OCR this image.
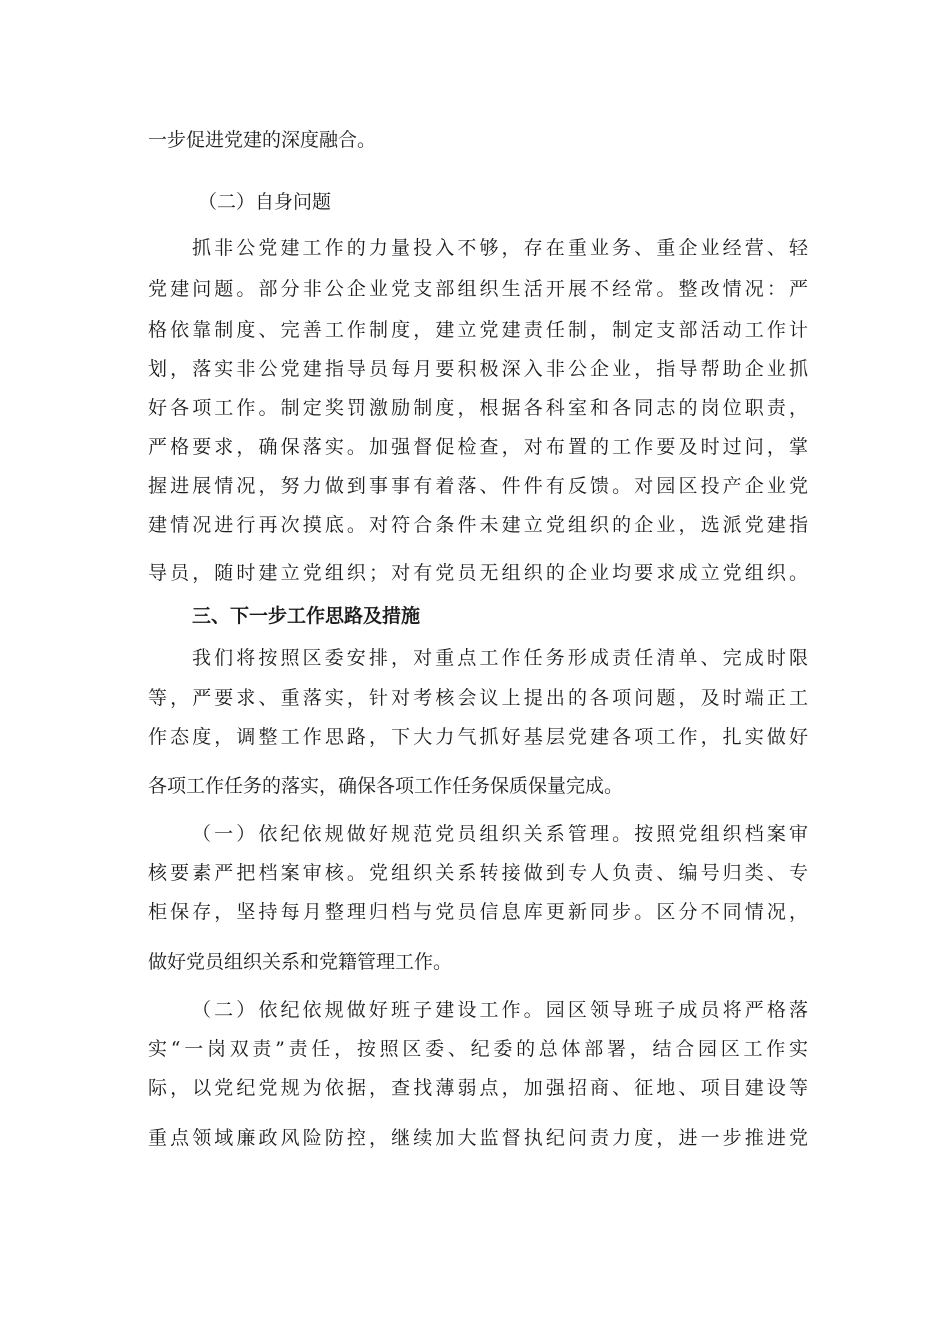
一步促进党建的深度融合。
（二）自身问题
抓非公党建工作的力量投入不够，存在重业务、重企业经营、轻
党建问题。部分非公企业党支部组织生活开展不经常。整改情况：严
格依靠制度、完善工作制度，建立党建责任制，制定支部活动工作计
划，落实非公党建指导员每月要积极深入非公企业，指导帮助企业抓
好各项工作。制定奖罚激励制度，根据各科室和各同志的岗位职责，
严格要求，确保落实。加强督促检查，对布置的工作要及时过问，掌
握进展情况，努力做到事事有着落、件件有反馈。对园区投产企业党
建情况进行再次摸底。对符合条件未建立党组织的企业，选派党建指
导员，随时建立党组织；对有党员无组织的企业均要求成立党组织。
三、下一步工作思路及措施
我们将按照区委安排，对重点工作任务形成责任清单、完成时限
等，严要求、重落实，针对考核会议上提出的各项问题，及时端正工
作态度，调整工作思路，下大力气抓好基层党建各项工作，扎实做好
各项工作任务的落实，确保各项工作任务保质保量完成。
（一）依纪依规做好规范党员组织关系管理。按照党组织档案审
核要素严把档案审核。党组织关系转接做到专人负责、编号归类、专
柜保存，坚持每月整理归档与党员信息库更新同步。区分不同情况，
做好党员组织关系和党籍管理工作。
（二）依纪依规做好班子建设工作。园区领导班子成员将严格落
实“一岗双责”责任，按照区委、纪委的总体部署，结合园区工作实
际，以党纪党规为依据，查找薄弱点，加强招商、征地、项目建设等
重点领域廉政风险防控，继续加大监督执纪问责力度，进一步推进党
